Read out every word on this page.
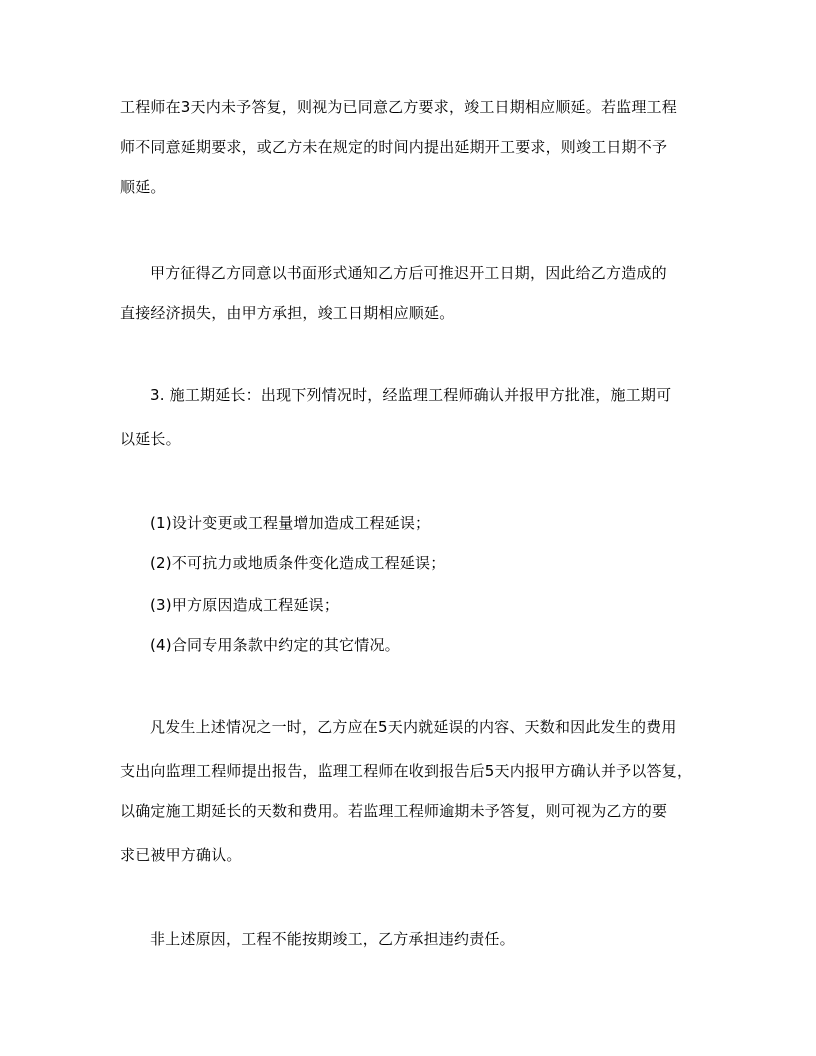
工程师在3天内未予答复，则视为已同意乙方要求，竣工日期相应顺延。若监理工程
师不同意延期要求，或乙方未在规定的时间内提出延期开工要求，则竣工日期不予
顺延。
甲方征得乙方同意以书面形式通知乙方后可推迟开工日期，因此给乙方造成的
直接经济损失，由甲方承担，竣工日期相应顺延。
3. 施工期延长：出现下列情况时，经监理工程师确认并报甲方批准，施工期可
以延长。
(1)设计变更或工程量增加造成工程延误；
(2)不可抗力或地质条件变化造成工程延误；
(3)甲方原因造成工程延误；
(4)合同专用条款中约定的其它情况。
凡发生上述情况之一时，乙方应在5天内就延误的内容、天数和因此发生的费用
支出向监理工程师提出报告，监理工程师在收到报告后5天内报甲方确认并予以答复，
以确定施工期延长的天数和费用。若监理工程师逾期未予答复，则可视为乙方的要
求已被甲方确认。
非上述原因，工程不能按期竣工，乙方承担违约责任。
